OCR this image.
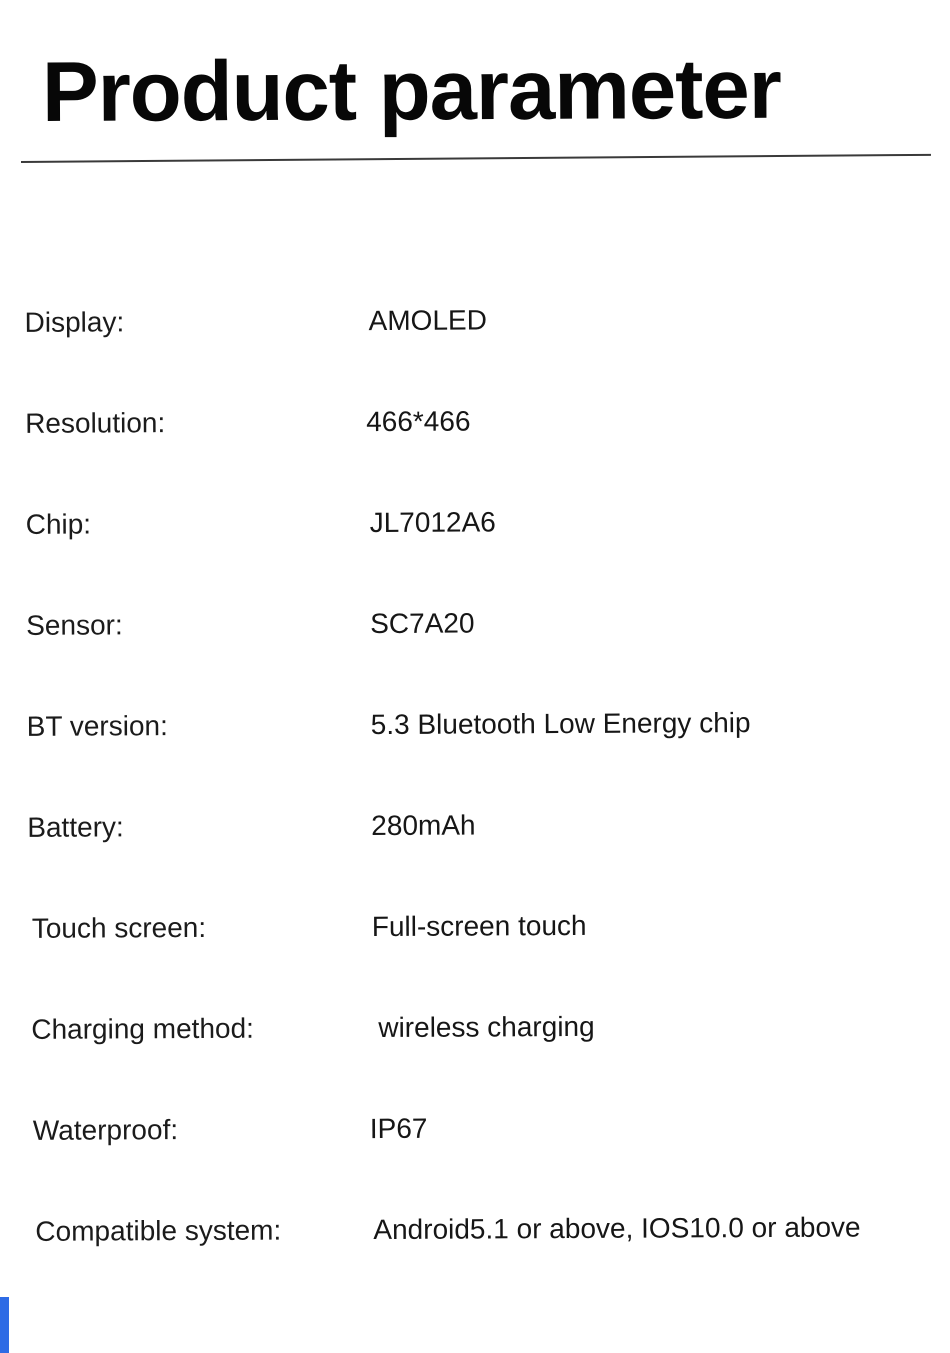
Product parameter
Display:	AMOLED
Resolution:	466*466
Chip:	JL7012A6
Sensor:	SC7A20
BT version:	5.3 Bluetooth Low Energy chip
Battery:	280mAh
Touch screen:	Full-screen touch
Charging method:	wireless charging
Waterproof:	IP67
Compatible system:	Android5.1 or above, IOS10.0 or above
